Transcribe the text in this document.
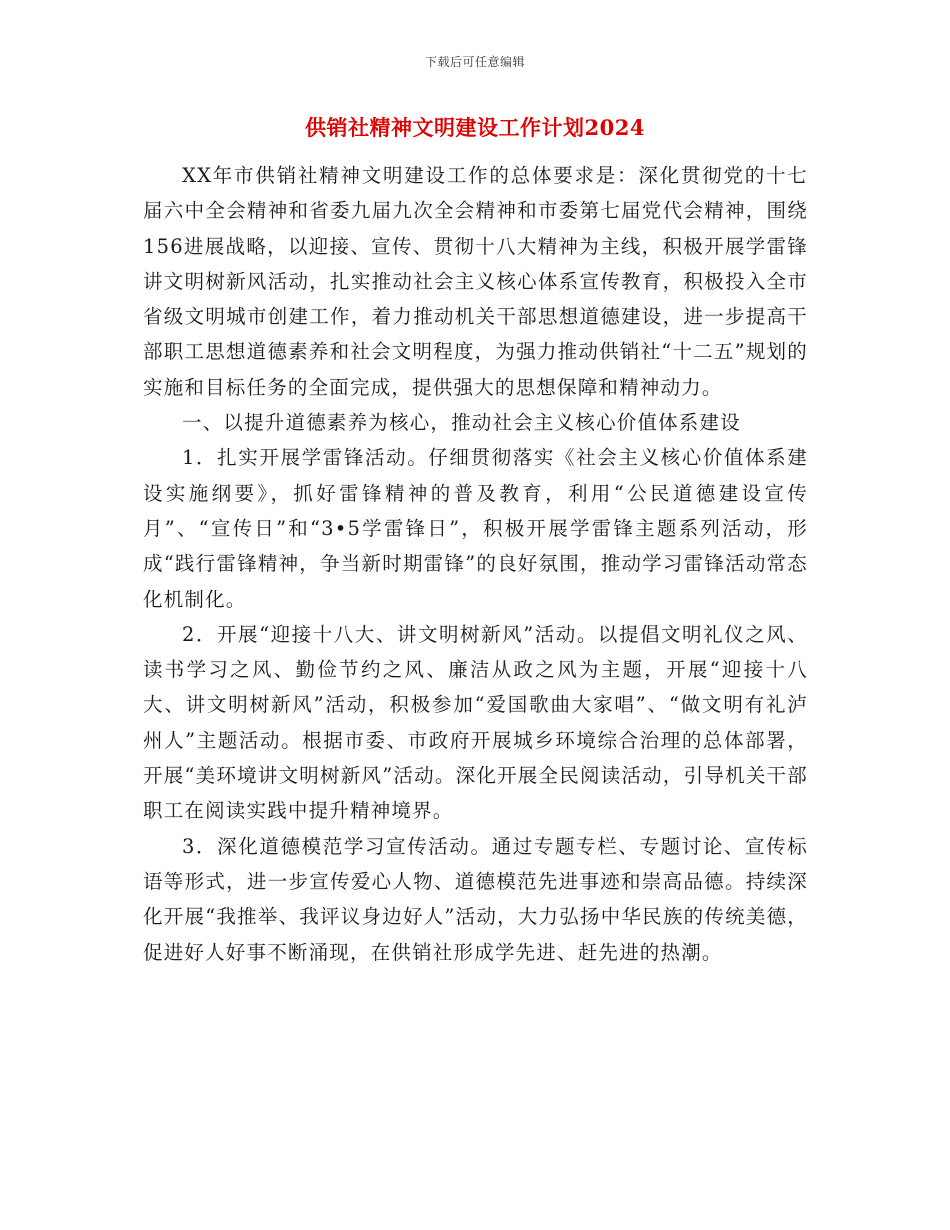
下载后可任意编辑
供销社精神文明建设工作计划2024

XX年市供销社精神文明建设工作的总体要求是：深化贯彻党的十七届六中全会精神和省委九届九次全会精神和市委第七届党代会精神，围绕156进展战略，以迎接、宣传、贯彻十八大精神为主线，积极开展学雷锋讲文明树新风活动，扎实推动社会主义核心体系宣传教育，积极投入全市省级文明城市创建工作，着力推动机关干部思想道德建设，进一步提高干部职工思想道德素养和社会文明程度，为强力推动供销社“十二五”规划的实施和目标任务的全面完成，提供强大的思想保障和精神动力。

一、以提升道德素养为核心，推动社会主义核心价值体系建设

1．扎实开展学雷锋活动。仔细贯彻落实《社会主义核心价值体系建设实施纲要》，抓好雷锋精神的普及教育，利用“公民道德建设宣传月”、“宣传日”和“3•5学雷锋日”，积极开展学雷锋主题系列活动，形成“践行雷锋精神，争当新时期雷锋”的良好氛围，推动学习雷锋活动常态化机制化。

2．开展“迎接十八大、讲文明树新风”活动。以提倡文明礼仪之风、读书学习之风、勤俭节约之风、廉洁从政之风为主题，开展“迎接十八大、讲文明树新风”活动，积极参加“爱国歌曲大家唱”、“做文明有礼泸州人”主题活动。根据市委、市政府开展城乡环境综合治理的总体部署，开展“美环境讲文明树新风”活动。深化开展全民阅读活动，引导机关干部职工在阅读实践中提升精神境界。

3．深化道德模范学习宣传活动。通过专题专栏、专题讨论、宣传标语等形式，进一步宣传爱心人物、道德模范先进事迹和崇高品德。持续深化开展“我推举、我评议身边好人”活动，大力弘扬中华民族的传统美德，促进好人好事不断涌现，在供销社形成学先进、赶先进的热潮。
